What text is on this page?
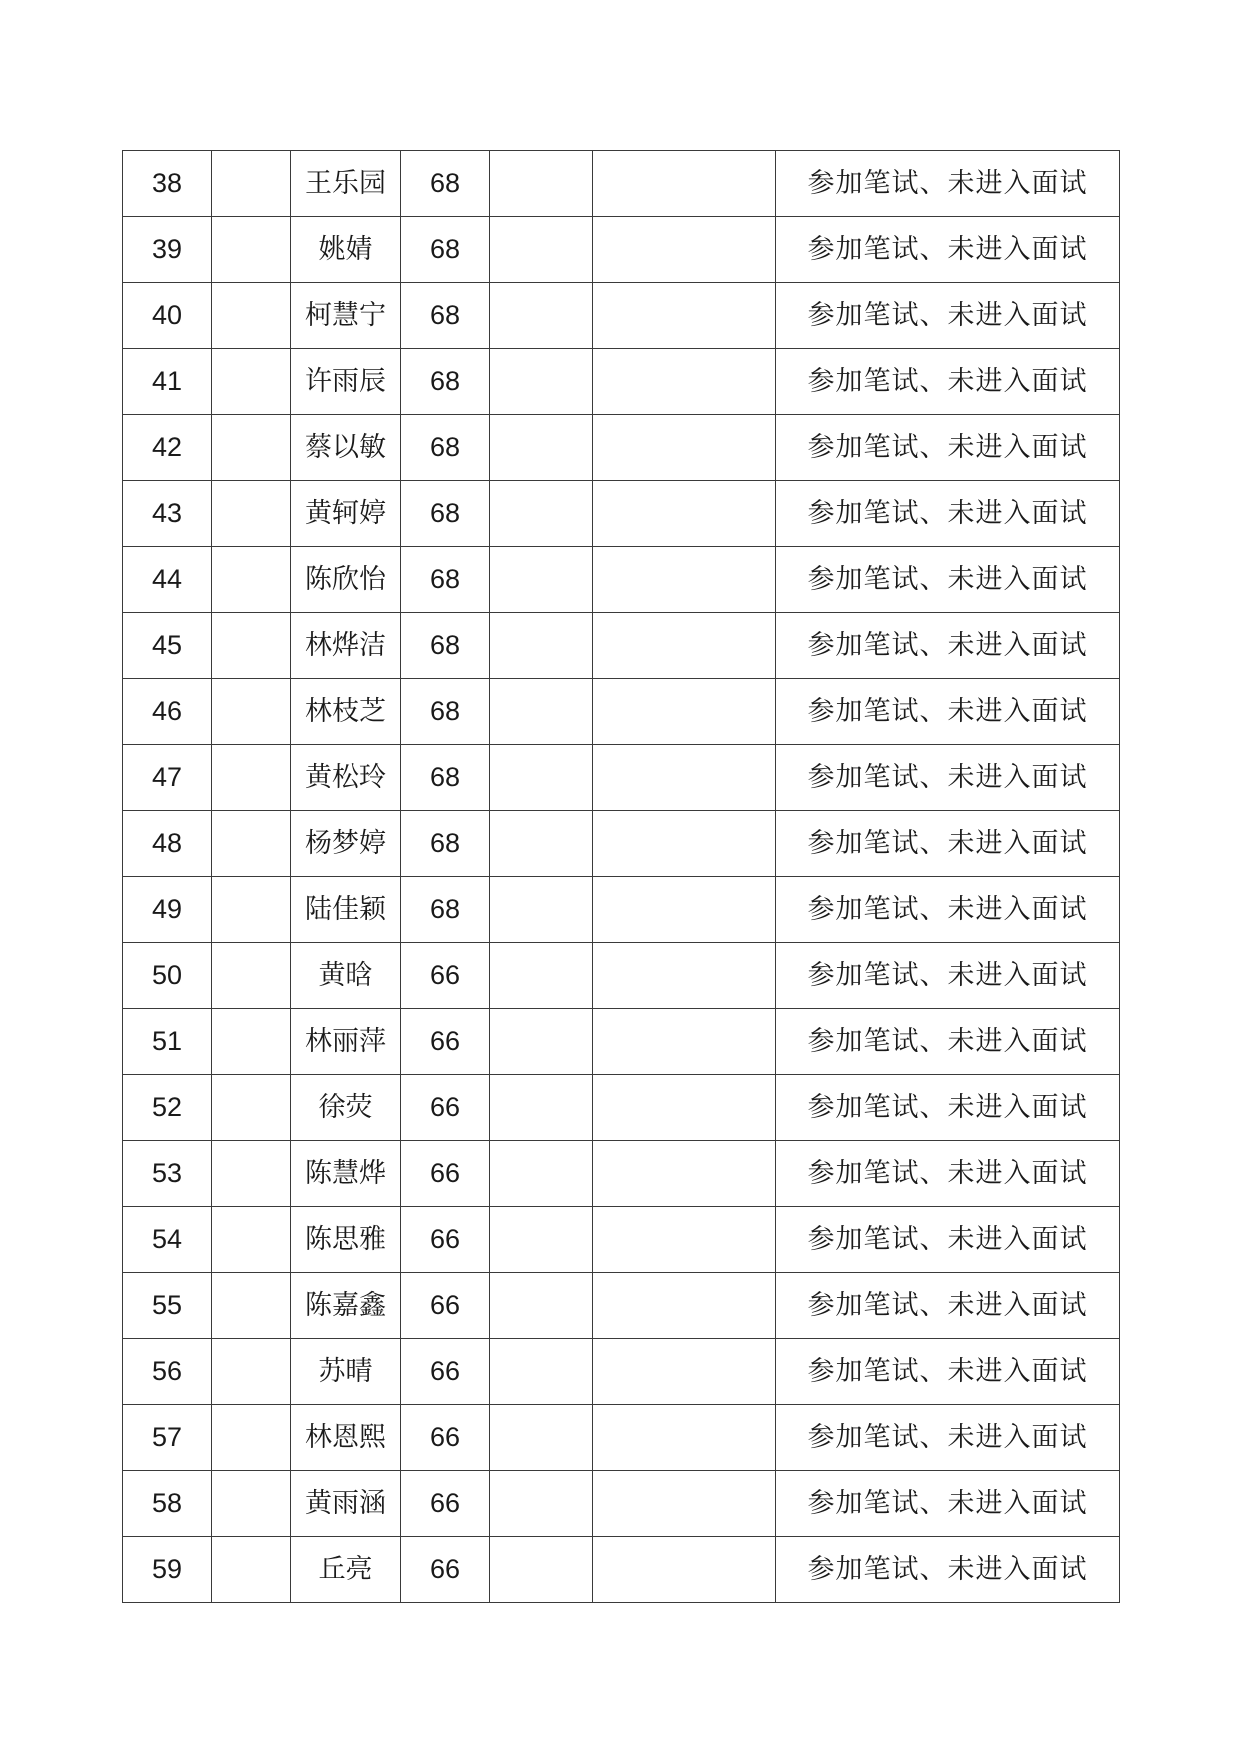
38		王乐园	68			参加笔试、未进入面试
39		姚婧	68			参加笔试、未进入面试
40		柯慧宁	68			参加笔试、未进入面试
41		许雨辰	68			参加笔试、未进入面试
42		蔡以敏	68			参加笔试、未进入面试
43		黄轲婷	68			参加笔试、未进入面试
44		陈欣怡	68			参加笔试、未进入面试
45		林烨洁	68			参加笔试、未进入面试
46		林枝芝	68			参加笔试、未进入面试
47		黄松玲	68			参加笔试、未进入面试
48		杨梦婷	68			参加笔试、未进入面试
49		陆佳颖	68			参加笔试、未进入面试
50		黄晗	66			参加笔试、未进入面试
51		林丽萍	66			参加笔试、未进入面试
52		徐荧	66			参加笔试、未进入面试
53		陈慧烨	66			参加笔试、未进入面试
54		陈思雅	66			参加笔试、未进入面试
55		陈嘉鑫	66			参加笔试、未进入面试
56		苏晴	66			参加笔试、未进入面试
57		林恩熙	66			参加笔试、未进入面试
58		黄雨涵	66			参加笔试、未进入面试
59		丘亮	66			参加笔试、未进入面试
